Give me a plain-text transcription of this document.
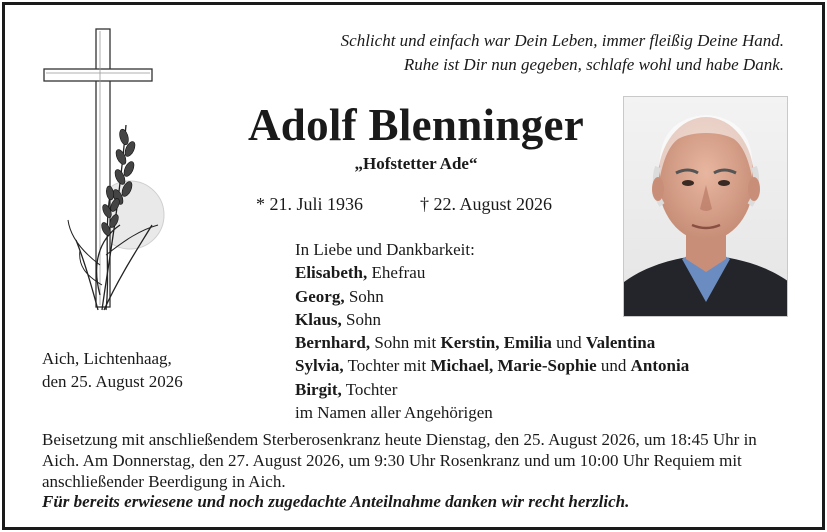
Schlicht und einfach war Dein Leben, immer fleißig Deine Hand.
Ruhe ist Dir nun gegeben, schlafe wohl und habe Dank.
Adolf Blenninger
„Hofstetter Ade“
* 21. Juli 1936	† 22. August 2026
In Liebe und Dankbarkeit:
Elisabeth, Ehefrau
Georg, Sohn
Klaus, Sohn
Bernhard, Sohn mit Kerstin, Emilia und Valentina
Sylvia, Tochter mit Michael, Marie-Sophie und Antonia
Birgit, Tochter
im Namen aller Angehörigen
Aich, Lichtenhaag,
den 25. August 2026
Beisetzung mit anschließendem Sterberosenkranz heute Dienstag, den 25. August 2026, um 18:45 Uhr in Aich. Am Donnerstag, den 27. August 2026, um 9:30 Uhr Rosenkranz und um 10:00 Uhr Requiem mit anschließender Beerdigung in Aich.
Für bereits erwiesene und noch zugedachte Anteilnahme danken wir recht herzlich.
